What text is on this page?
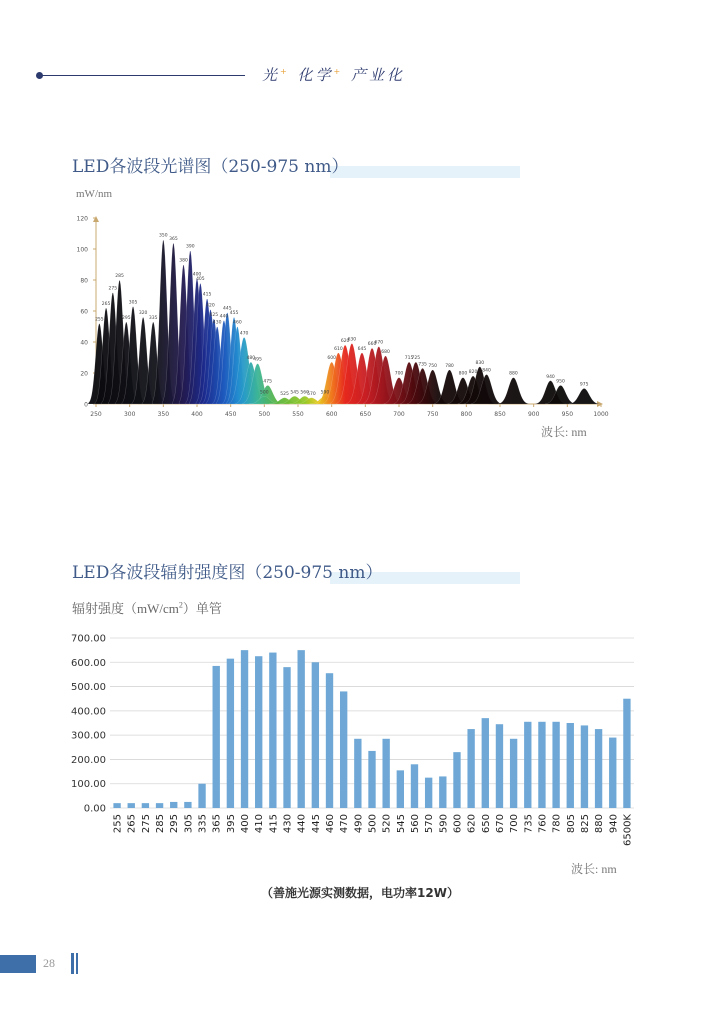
光+ 化学+ 产业化
LED各波段光谱图（250-975 nm）
mW/nm
0
20
40
60
80
100
120
250	300	350	400	450	500	550	600	650	700	750	800	850	900	950	1000
255
265
275
285
295
305
320
335
350
365
380
390
400
405
415
420
425
430
440
445
455
460
470
480
495
475
500	525 545 560
570 590
600
610
620
630
645
660
670
680
700
715
725
735 750 780
800 820
830
840
880
940
950
975
波长: nm
LED各波段辐射强度图（250-975 nm）
辐射强度$(mW/cm^2)$单管
0.00
100.00
200.00
300.00
400.00
500.00
600.00
700.00
255 265 275 285 295 305 335 365 395 400 410 415 430 440 445 460 470 490 500 520 545 560 570 590 600 620 650 670 700 735 760 780 805 825 880 940 6500K
波长: nm
（善施光源实测数据，电功率12W）
28
